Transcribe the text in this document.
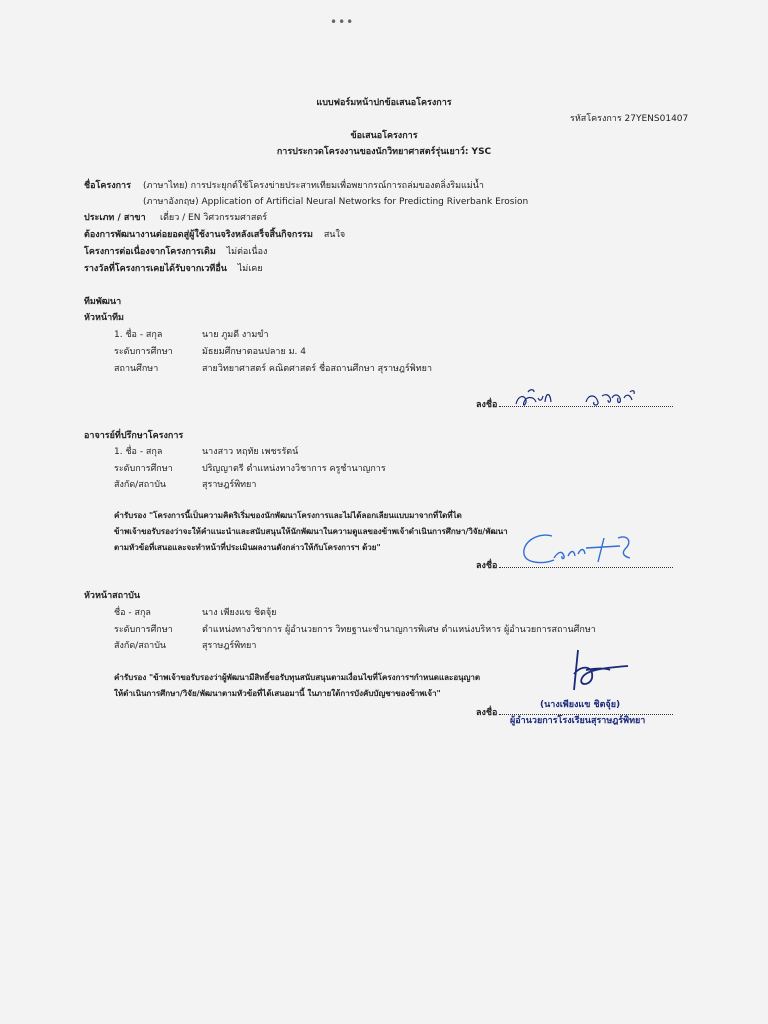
•••
แบบฟอร์มหน้าปกข้อเสนอโครงการ
รหัสโครงการ 27YENS01407
ข้อเสนอโครงการ
การประกวดโครงงานของนักวิทยาศาสตร์รุ่นเยาว์: YSC
ชื่อโครงการ (ภาษาไทย) การประยุกต์ใช้โครงข่ายประสาทเทียมเพื่อพยากรณ์การถล่มของตลิ่งริมแม่น้ำ
(ภาษาอังกฤษ) Application of Artificial Neural Networks for Predicting Riverbank Erosion
ประเภท / สาขา เดี่ยว / EN วิศวกรรมศาสตร์
ต้องการพัฒนางานต่อยอดสู่ผู้ใช้งานจริงหลังเสร็จสิ้นกิจกรรม สนใจ
โครงการต่อเนื่องจากโครงการเดิม ไม่ต่อเนื่อง
รางวัลที่โครงการเคยได้รับจากเวทีอื่น ไม่เคย
ทีมพัฒนา
หัวหน้าทีม
1. ชื่อ - สกุล	นาย ภูมดี งามขำ
ระดับการศึกษา	มัธยมศึกษาตอนปลาย ม. 4
สถานศึกษา	สายวิทยาศาสตร์ คณิตศาสตร์ ชื่อสถานศึกษา สุราษฎร์พิทยา
ลงชื่อ
อาจารย์ที่ปรึกษาโครงการ
1. ชื่อ - สกุล	นางสาว หฤทัย เพชรรัตน์
ระดับการศึกษา	ปริญญาตรี ตำแหน่งทางวิชาการ ครูชำนาญการ
สังกัด/สถาบัน	สุราษฎร์พิทยา
คำรับรอง "โครงการนี้เป็นความคิดริเริ่มของนักพัฒนาโครงการและไม่ได้ลอกเลียนแบบมาจากที่ใดที่ได
ข้าพเจ้าขอรับรองว่าจะให้คำแนะนำและสนับสนุนให้นักพัฒนาในความดูแลของข้าพเจ้าดำเนินการศึกษา/วิจัย/พัฒนา
ตามหัวข้อที่เสนอและจะทำหน้าที่ประเมินผลงานดังกล่าวให้กับโครงการฯ ด้วย"
ลงชื่อ
หัวหน้าสถาบัน
ชื่อ - สกุล	นาง เพียงแข ชิตจุ้ย
ระดับการศึกษา	ตำแหน่งทางวิชาการ ผู้อำนวยการ วิทยฐานะชำนาญการพิเศษ ตำแหน่งบริหาร ผู้อำนวยการสถานศึกษา
สังกัด/สถาบัน	สุราษฎร์พิทยา
คำรับรอง "ข้าพเจ้าขอรับรองว่าผู้พัฒนามีสิทธิ์ขอรับทุนสนับสนุนตามเงื่อนไขที่โครงการฯกำหนดและอนุญาต
ให้ดำเนินการศึกษา/วิจัย/พัฒนาตามหัวข้อที่ได้เสนอมานี้ ในภายใต้การบังคับบัญชาของข้าพเจ้า"
ลงชื่อ
(นางเพียงแข ชิตจุ้ย)
ผู้อำนวยการโรงเรียนสุราษฎร์พิทยา
